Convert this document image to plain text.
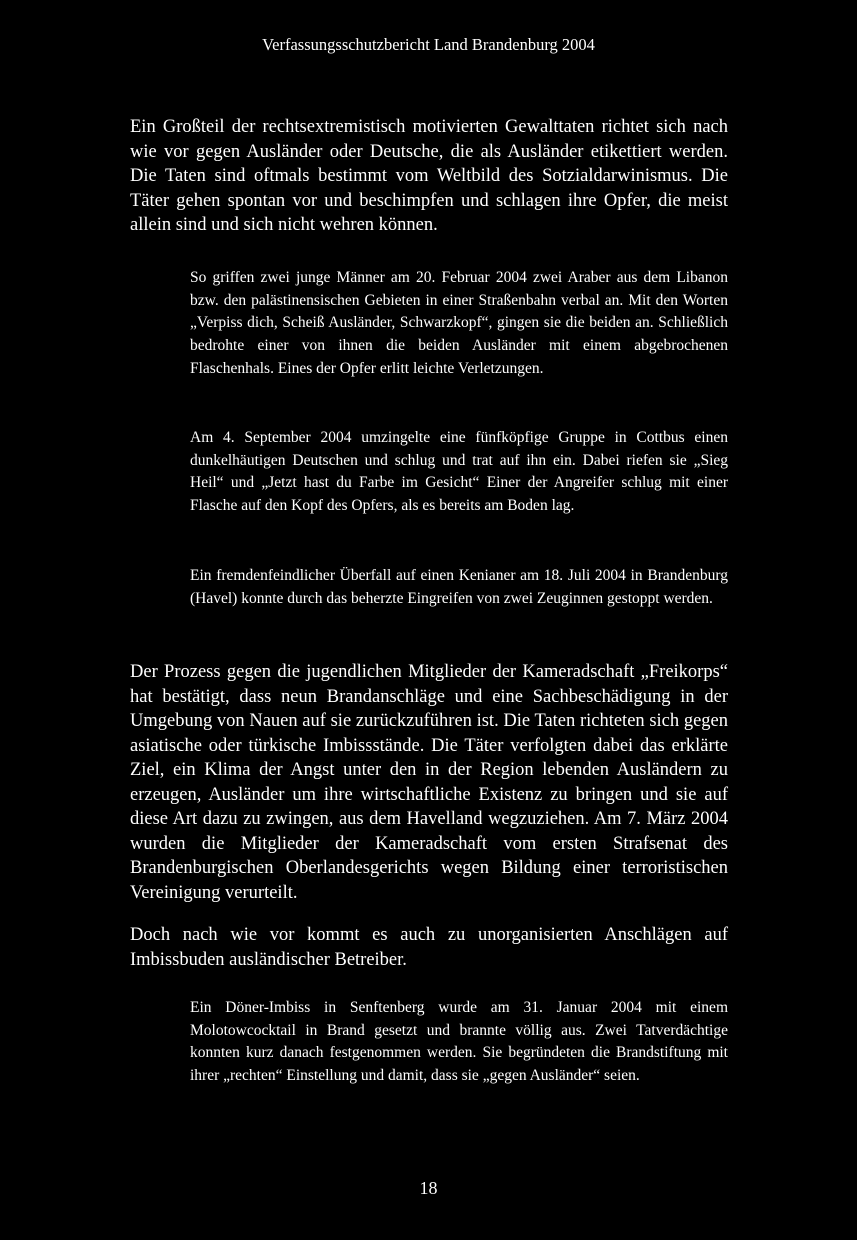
Verfassungsschutzbericht Land Brandenburg 2004

Ein Großteil der rechtsextremistisch motivierten Gewalttaten richtet sich nach wie vor gegen Ausländer oder Deutsche, die als Ausländer etikettiert werden. Die Taten sind oftmals bestimmt vom Weltbild des Sotzialdarwinismus. Die Täter gehen spontan vor und beschimpfen und schlagen ihre Opfer, die meist allein sind und sich nicht wehren können.

So griffen zwei junge Männer am 20. Februar 2004 zwei Araber aus dem Libanon bzw. den palästinensischen Gebieten in einer Straßenbahn verbal an. Mit den Worten „Verpiss dich, Scheiß Ausländer, Schwarzkopf“, gingen sie die beiden an. Schließlich bedrohte einer von ihnen die beiden Ausländer mit einem abgebrochenen Flaschenhals. Eines der Opfer erlitt leichte Verletzungen.

Am 4. September 2004 umzingelte eine fünfköpfige Gruppe in Cottbus einen dunkelhäutigen Deutschen und schlug und trat auf ihn ein. Dabei riefen sie „Sieg Heil“ und „Jetzt hast du Farbe im Gesicht“ Einer der Angreifer schlug mit einer Flasche auf den Kopf des Opfers, als es bereits am Boden lag.

Ein fremdenfeindlicher Überfall auf einen Kenianer am 18. Juli 2004 in Brandenburg (Havel) konnte durch das beherzte Eingreifen von zwei Zeuginnen gestoppt werden.

Der Prozess gegen die jugendlichen Mitglieder der Kameradschaft „Freikorps“ hat bestätigt, dass neun Brandanschläge und eine Sachbeschädigung in der Umgebung von Nauen auf sie zurückzuführen ist. Die Taten richteten sich gegen asiatische oder türkische Imbissstände. Die Täter verfolgten dabei das erklärte Ziel, ein Klima der Angst unter den in der Region lebenden Ausländern zu erzeugen, Ausländer um ihre wirtschaftliche Existenz zu bringen und sie auf diese Art dazu zu zwingen, aus dem Havelland wegzuziehen. Am 7. März 2004 wurden die Mitglieder der Kameradschaft vom ersten Strafsenat des Brandenburgischen Oberlandesgerichts wegen Bildung einer terroristischen Vereinigung verurteilt.

Doch nach wie vor kommt es auch zu unorganisierten Anschlägen auf Imbissbuden ausländischer Betreiber.

Ein Döner-Imbiss in Senftenberg wurde am 31. Januar 2004 mit einem Molotowcocktail in Brand gesetzt und brannte völlig aus. Zwei Tatverdächtige konnten kurz danach festgenommen werden. Sie begründeten die Brandstiftung mit ihrer „rechten“ Einstellung und damit, dass sie „gegen Ausländer“ seien.

18
